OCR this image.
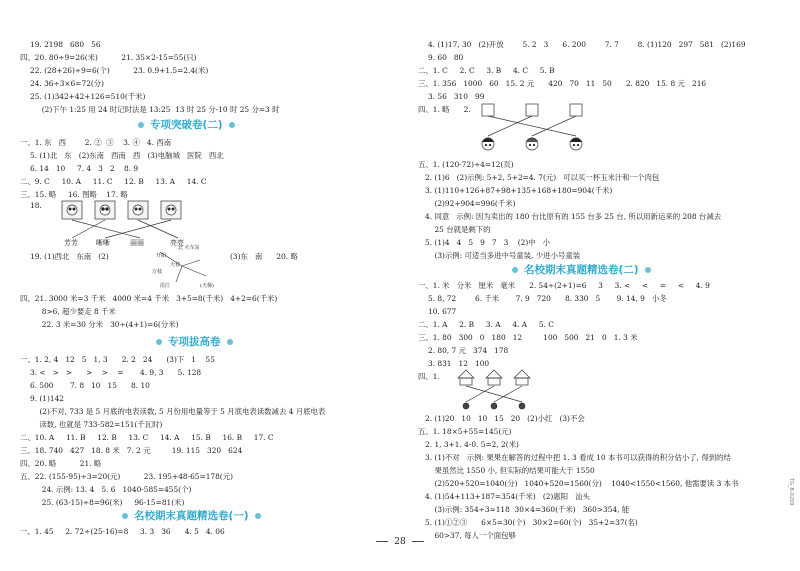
19. 2198   680   56
四、20. 80÷9=26(米)          21. 35×2-15=55(只)
22. (28+26)÷9=6(个)          23. 0.9+1.5=2.4(米)
24. 36÷3×6=72(分)
25. (1)342+42+126=510(千米)
(2)下午 1:25 用 24 时记时法是 13:25  13 时 25 分-10 时 25 分=3 时
专项突破卷(二)
一、1. 东   西        2. ②  ③    3. ④   4. 西南
5. (1)北   东   (2)东南   西南   西   (3)电脑城   医院   西北
6. 14   10     7. 4   3   2    8. 9
二、9. C     10. A     11. C     12. B     13. A     14. C
三、15. 略     16. 图略    17. 略
18.
芳芳	晰晰	丽丽	亮亮
19. (1)西北   东南   (2)
北 火车站
开阳
天枝
万枝
沿江	(天梯)
(3)东   南      20. 略
四、21. 3000 米=3 千米   4000 米=4 千米   3+5=8(千米)   4+2=6(千米)
8>6, 超少要走 8 千米
22. 3 米=30 分米   30÷(4+1)=6(分米)
专项拔高卷
一、1. 2, 4   12   5   1, 3      2. 2   24      (3)下   1    55
3. <   >   >      >    >    =       4. 9, 3      5. 128
6. 500       7. 8   10   15      8. 10
9. (1)142
(2)不对, 733 是 5 月底的电表读数, 5 月份用电量等于 5 月底电表读数减去 4 月底电表
读数, 也就是 733-582=151(千瓦时)
二、10. A     11. B     12. B     13. C     14. A     15. B     16. B     17. C
三、18. 740   427   18. 8 米   7. 2 元         19. 115   320   624
四、20. 略          21. 略
五、22. (155-95)÷3=20(元)          23. 195+48-65=178(元)
24. 示例: 13. 4   5. 6   1040-585=455(个)
25. (63-15)÷8=96(米)     96-15=81(米)
名校期末真题精选卷(一)
一、1. 45     2. 72÷(25-16)=8     3. 3   36      4. 5   4. 06
4. (1)17, 30   (2)开放        5. 2   3      6. 200        7. 7        8. (1)120   297   581   (2)169
9. 60   80
二、1. C     2. C     3. B     4. C     5. B
三、1. 356   1000   60   15. 2 元      420   70   11   50      2. 820   15. 8 元   216
3. 56   310   99
四、1. 略      2.
五、1. (120-72)÷4=12(页)
2. (1)6   (2)示例: 5+2, 5+2=4. 7(元)   可以买一杯玉米汁和一个肉包
3. (1)110+126+87+98+135+168+180=904(千米)
(2)92+904=996(千米)
4. 同意   示例: 因为卖出的 180 台比原有的 155 台多 25 台, 所以用新运来的 208 台减去
25 台就是剩下的
5. (1)4   4   5   9   7   3    (2)中   小
(3)示例: 可适当多进中号童装, 少进小号童装
名校期末真题精选卷(二)
一、1. 米   分米   厘米   毫米      2. 54÷(2+1)=6     3     3. <     <     =     <     4. 9
5. 8, 72        6. 千米       7. 9   720      8. 330   5       9. 14, 9   小冬
10. 677
二、1. A     2. B     3. A     4. A     5. C
三、1. 80   300   0   180   12         100   500   21   0   1. 3 米
2. 80, 7 元   374   178
3. 831   12   100
四、1.
2. (1)20   10   10   15   20   (2)小红   (3)不会
五、1. 18×5+55=145(元)
2. 1, 3+1. 4-0. 5=2, 2(米)
3. (1)不对   示例: 果果在解答的过程中把 1. 3 看成 10 本书可以获得的积分估小了, 得到的结
果虽然比 1550 小, 但实际的结果可能大于 1550
(2)520+520=1040(分)   1040+520=1560(分)    1040<1550<1560, 他需要读 3 本书
4. (1)54+113+187=354(千米)   (2)惠阳   汕头
(3)示例: 354÷3≈118  30×4=360(千米)   360>354, 能
5. (1)①②③      6×5=30(个)   30×2=60(个)   35+2=37(名)
60>37, 每人一个面包够
28
TG_B-0209
